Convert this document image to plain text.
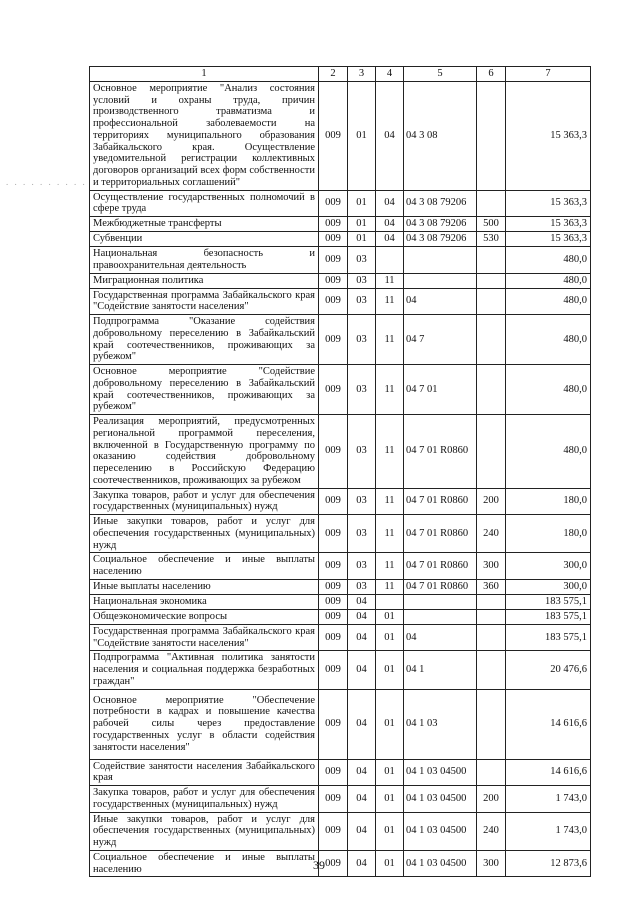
. . . . . . . . . .
1	2	3	4	5	6	7
Основное мероприятие "Анализ состояния условий и охраны труда, причин производственного травматизма и профессиональной заболеваемости на территориях муниципального образования Забайкальского края. Осуществление уведомительной регистрации коллективных договоров организаций всех форм собственности и территориальных соглашений"	009	01	04	04 3 08		15 363,3
Осуществление государственных полномочий в сфере труда	009	01	04	04 3 08 79206		15 363,3
Межбюджетные трансферты	009	01	04	04 3 08 79206	500	15 363,3
Субвенции	009	01	04	04 3 08 79206	530	15 363,3
Национальная безопасность и правоохранительная деятельность	009	03				480,0
Миграционная политика	009	03	11			480,0
Государственная программа Забайкальского края "Содействие занятости населения"	009	03	11	04		480,0
Подпрограмма "Оказание содействия добровольному переселению в Забайкальский край соотечественников, проживающих за рубежом"	009	03	11	04 7		480,0
Основное мероприятие "Содействие добровольному переселению в Забайкальский край соотечественников, проживающих за рубежом"	009	03	11	04 7 01		480,0
Реализация мероприятий, предусмотренных региональной программой переселения, включенной в Государственную программу по оказанию содействия добровольному переселению в Российскую Федерацию соотечественников, проживающих за рубежом	009	03	11	04 7 01 R0860		480,0
Закупка товаров, работ и услуг для обеспечения государственных (муниципальных) нужд	009	03	11	04 7 01 R0860	200	180,0
Иные закупки товаров, работ и услуг для обеспечения государственных (муниципальных) нужд	009	03	11	04 7 01 R0860	240	180,0
Социальное обеспечение и иные выплаты населению	009	03	11	04 7 01 R0860	300	300,0
Иные выплаты населению	009	03	11	04 7 01 R0860	360	300,0
Национальная экономика	009	04				183 575,1
Общеэкономические вопросы	009	04	01			183 575,1
Государственная программа Забайкальского края "Содействие занятости населения"	009	04	01	04		183 575,1
Подпрограмма "Активная политика занятости населения и социальная поддержка безработных граждан"	009	04	01	04 1		20 476,6
Основное мероприятие "Обеспечение потребности в кадрах и повышение качества рабочей силы через предоставление государственных услуг в области содействия занятости населения"	009	04	01	04 1 03		14 616,6
Содействие занятости населения Забайкальского края	009	04	01	04 1 03 04500		14 616,6
Закупка товаров, работ и услуг для обеспечения государственных (муниципальных) нужд	009	04	01	04 1 03 04500	200	1 743,0
Иные закупки товаров, работ и услуг для обеспечения государственных (муниципальных) нужд	009	04	01	04 1 03 04500	240	1 743,0
Социальное обеспечение и иные выплаты населению	009	04	01	04 1 03 04500	300	12 873,6
39
